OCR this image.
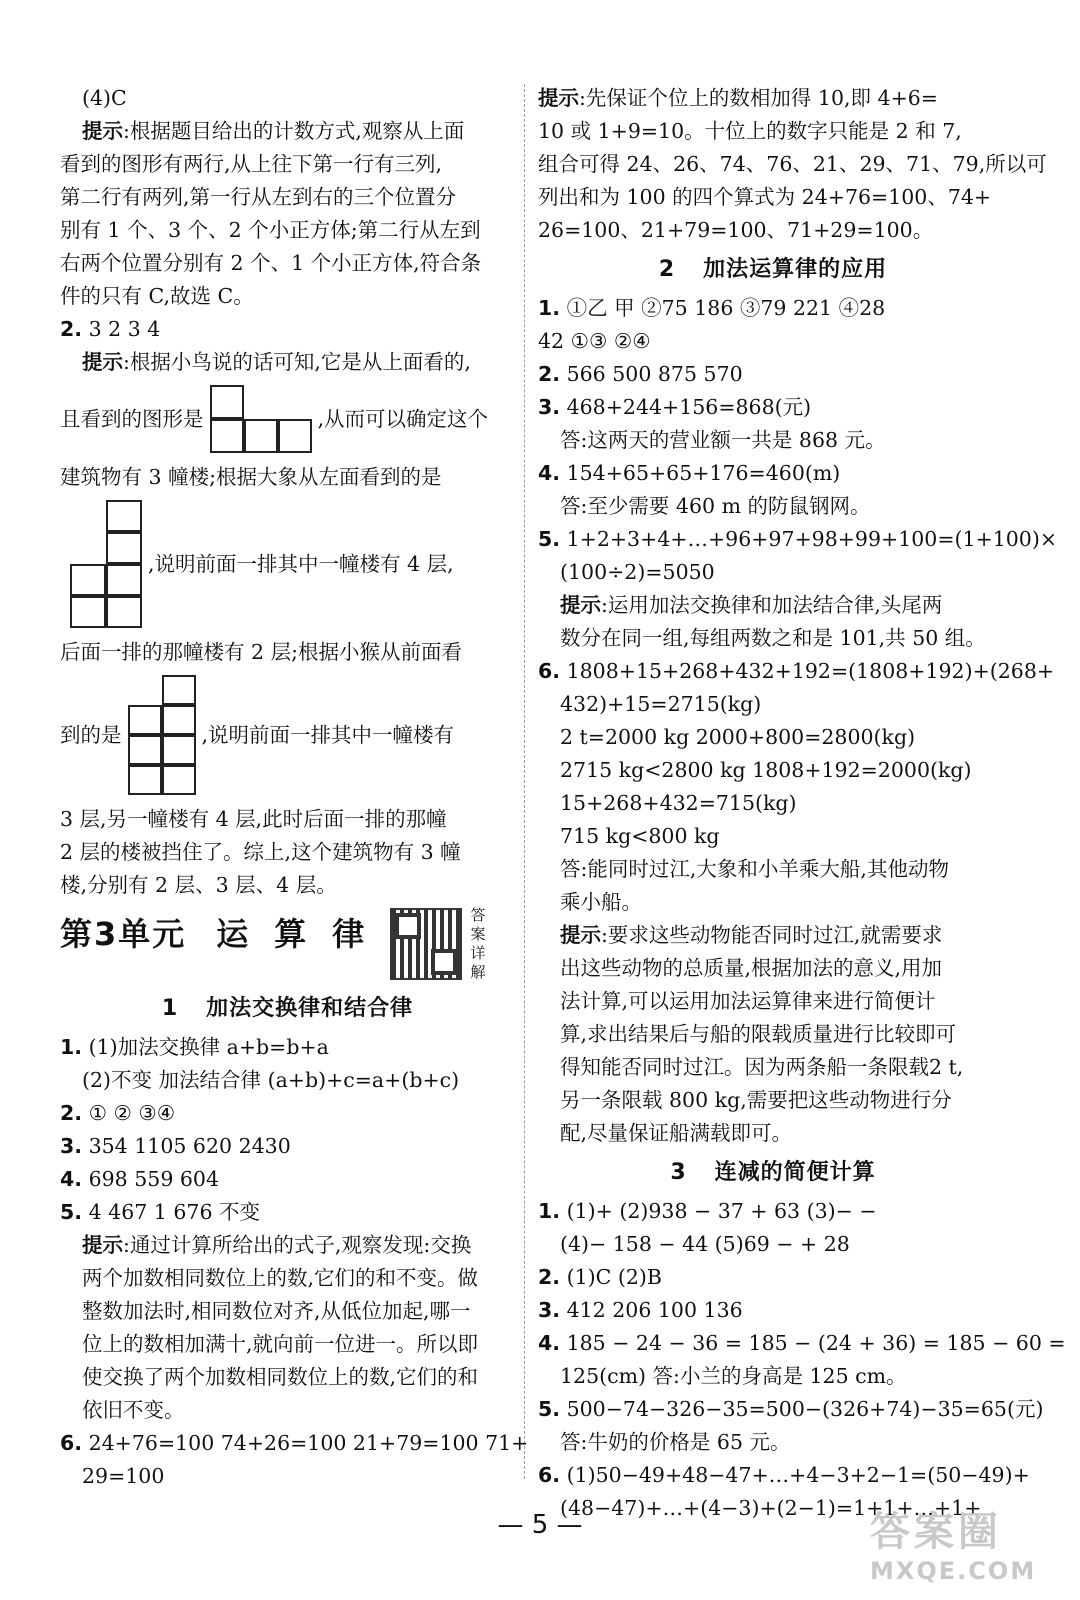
(4)C
提示:根据题目给出的计数方式,观察从上面
看到的图形有两行,从上往下第一行有三列,
第二行有两列,第一行从左到右的三个位置分
别有 1 个、3 个、2 个小正方体;第二行从左到
右两个位置分别有 2 个、1 个小正方体,符合条
件的只有 C,故选 C。
2. 3 2 3 4
提示:根据小鸟说的话可知,它是从上面看的,
且看到的图形是	,从而可以确定这个
建筑物有 3 幢楼;根据大象从左面看到的是
,说明前面一排其中一幢楼有 4 层,
后面一排的那幢楼有 2 层;根据小猴从前面看
到的是	,说明前面一排其中一幢楼有
3 层,另一幢楼有 4 层,此时后面一排的那幢
2 层的楼被挡住了。综上,这个建筑物有 3 幢
楼,分别有 2 层、3 层、4 层。
第3单元 运算律	答案详解
1 加法交换律和结合律
1. (1)加法交换律 a+b=b+a
(2)不变 加法结合律 (a+b)+c=a+(b+c)
2. ① ② ③④
3. 354 1105 620 2430
4. 698 559 604
5. 4 467 1 676 不变
提示:通过计算所给出的式子,观察发现:交换
两个加数相同数位上的数,它们的和不变。做
整数加法时,相同数位对齐,从低位加起,哪一
位上的数相加满十,就向前一位进一。所以即
使交换了两个加数相同数位上的数,它们的和
依旧不变。
6. 24+76=100 74+26=100 21+79=100 71+
29=100
提示:先保证个位上的数相加得 10,即 4+6=
10 或 1+9=10。十位上的数字只能是 2 和 7,
组合可得 24、26、74、76、21、29、71、79,所以可
列出和为 100 的四个算式为 24+76=100、74+
26=100、21+79=100、71+29=100。
2 加法运算律的应用
1. ①乙 甲 ②75 186 ③79 221 ④28
42 ①③ ②④
2. 566 500 875 570
3. 468+244+156=868(元)
答:这两天的营业额一共是 868 元。
4. 154+65+65+176=460(m)
答:至少需要 460 m 的防鼠钢网。
5. 1+2+3+4+…+96+97+98+99+100=(1+100)×
(100÷2)=5050
提示:运用加法交换律和加法结合律,头尾两
数分在同一组,每组两数之和是 101,共 50 组。
6. 1808+15+268+432+192=(1808+192)+(268+
432)+15=2715(kg)
2 t=2000 kg 2000+800=2800(kg)
2715 kg<2800 kg 1808+192=2000(kg)
15+268+432=715(kg)
715 kg<800 kg
答:能同时过江,大象和小羊乘大船,其他动物
乘小船。
提示:要求这些动物能否同时过江,就需要求
出这些动物的总质量,根据加法的意义,用加
法计算,可以运用加法运算律来进行简便计
算,求出结果后与船的限载质量进行比较即可
得知能否同时过江。因为两条船一条限载2 t,
另一条限载 800 kg,需要把这些动物进行分
配,尽量保证船满载即可。
3 连减的简便计算
1. (1)+ (2)938 − 37 + 63 (3)− −
(4)− 158 − 44 (5)69 − + 28
2. (1)C (2)B
3. 412 206 100 136
4. 185 − 24 − 36 = 185 − (24 + 36) = 185 − 60 =
125(cm) 答:小兰的身高是 125 cm。
5. 500−74−326−35=500−(326+74)−35=65(元)
答:牛奶的价格是 65 元。
6. (1)50−49+48−47+…+4−3+2−1=(50−49)+
(48−47)+…+(4−3)+(2−1)=1+1+…+1+
— 5 —	答案圈
MXQE.COM
